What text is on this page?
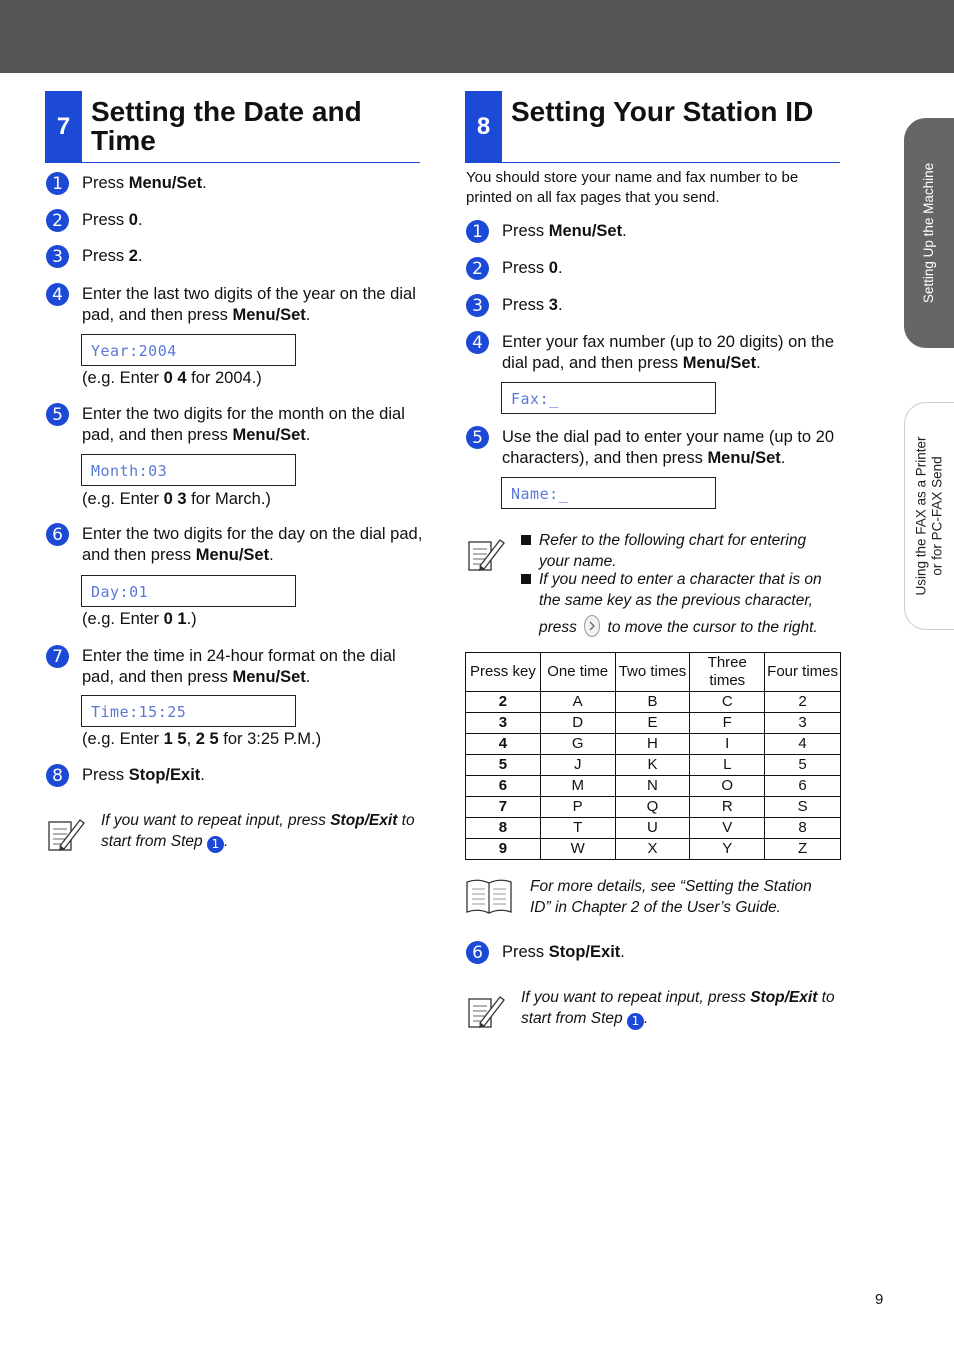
7 Setting the Date and Time
1	Press Menu/Set.
2	Press 0.
3	Press 2.
4	Enter the last two digits of the year on the dial pad, and then press Menu/Set.
Year:2004
(e.g. Enter 0 4 for 2004.)
5	Enter the two digits for the month on the dial pad, and then press Menu/Set.
Month:03
(e.g. Enter 0 3 for March.)
6	Enter the two digits for the day on the dial pad, and then press Menu/Set.
Day:01
(e.g. Enter 0 1.)
7	Enter the time in 24-hour format on the dial pad, and then press Menu/Set.
Time:15:25
(e.g. Enter 1 5, 2 5 for 3:25 P.M.)
8	Press Stop/Exit.
If you want to repeat input, press Stop/Exit to start from Step 1 .
8 Setting Your Station ID
You should store your name and fax number to be printed on all fax pages that you send.
1	Press Menu/Set.
2	Press 0.
3	Press 3.
4	Enter your fax number (up to 20 digits) on the dial pad, and then press Menu/Set.
Fax:_
5	Use the dial pad to enter your name (up to 20 characters), and then press Menu/Set.
Name:_
Refer to the following chart for entering your name.
If you need to enter a character that is on the same key as the previous character,
press to move the cursor to the right.
Press key	One time	Two times	Three times	Four times
2	A	B	C	2
3	D	E	F	3
4	G	H	I	4
5	J	K	L	5
6	M	N	O	6
7	P	Q	R	S
8	T	U	V	8
9	W	X	Y	Z
For more details, see “Setting the Station ID” in Chapter 2 of the User’s Guide.
6	Press Stop/Exit.
If you want to repeat input, press Stop/Exit to start from Step 1 .
Setting Up the Machine
Using the FAX as a Printer or for PC-FAX Send
9
